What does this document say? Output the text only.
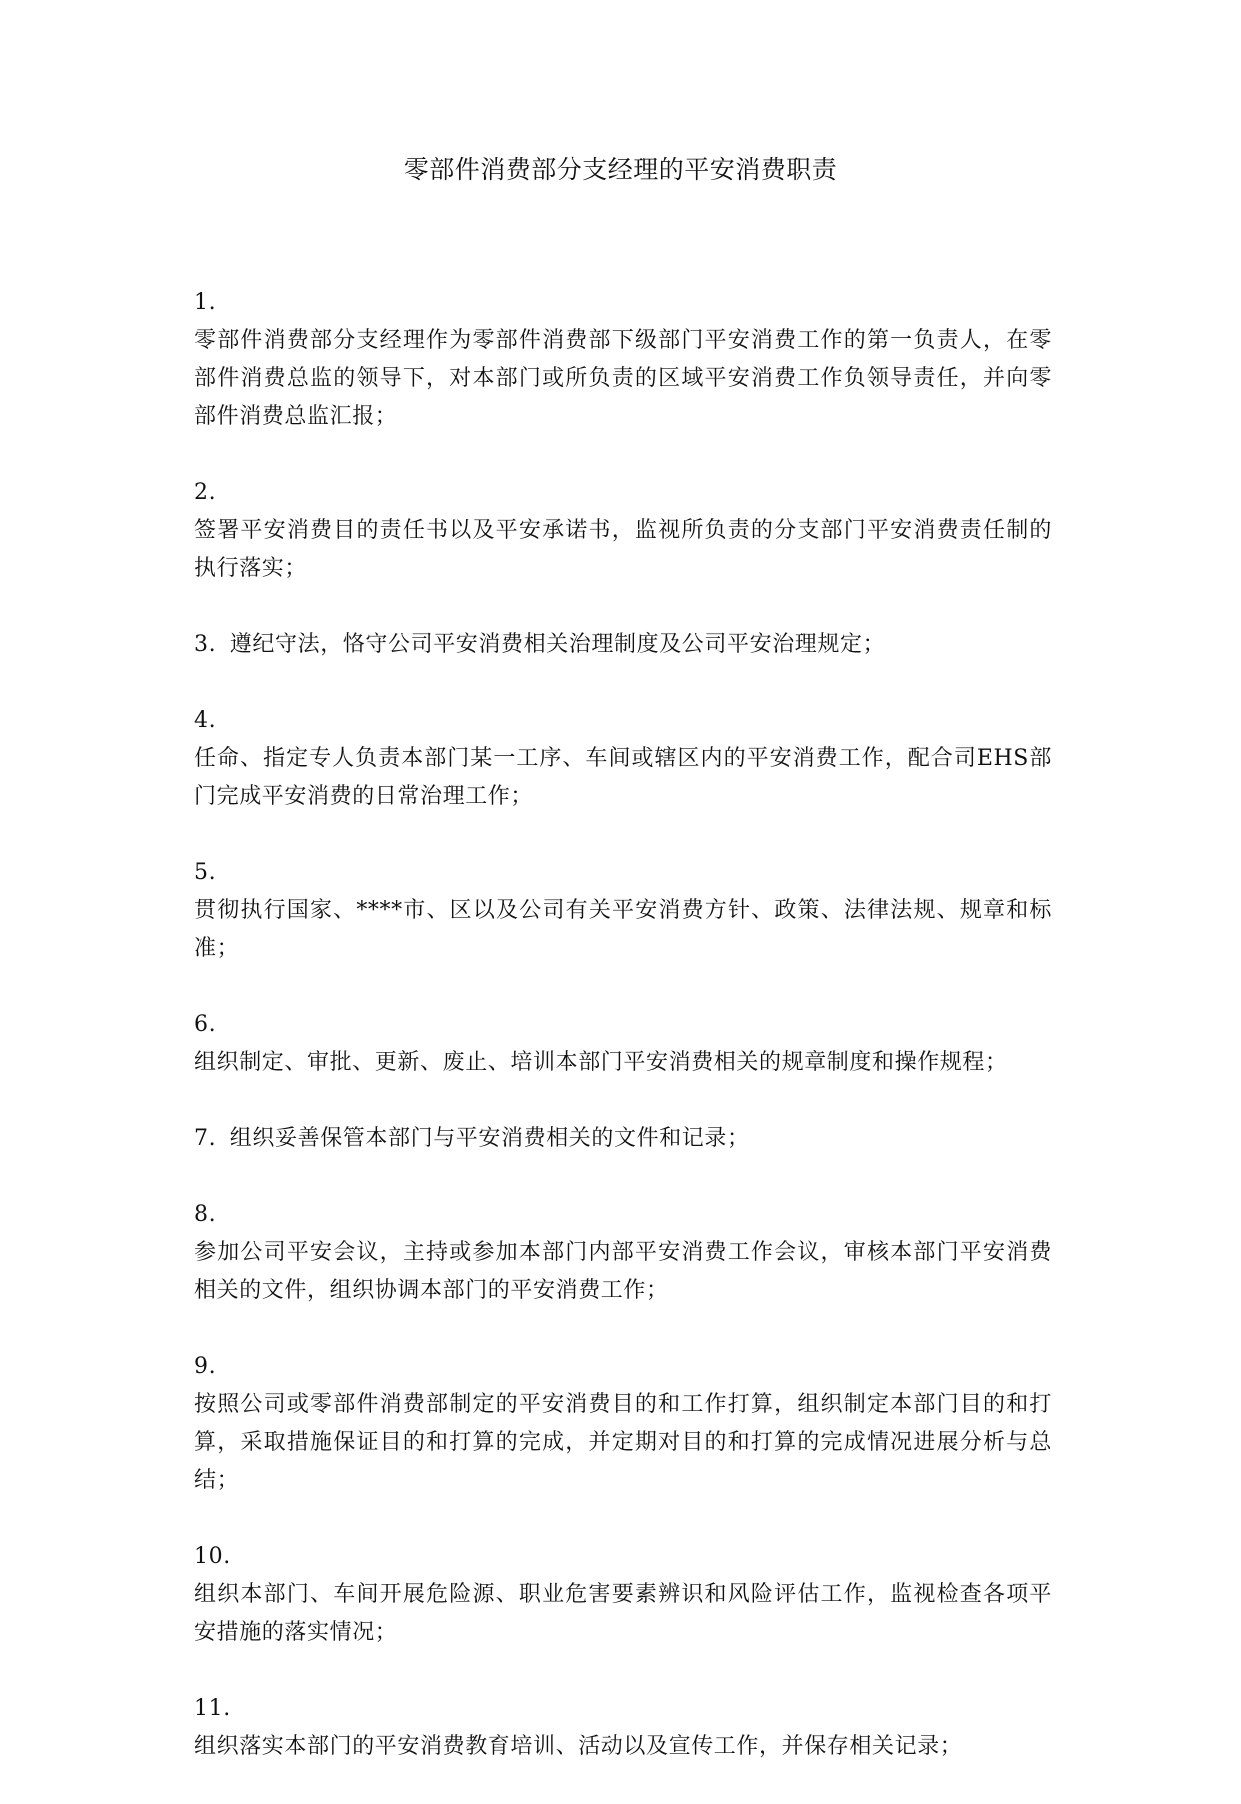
零部件消费部分支经理的平安消费职责
1.
零部件消费部分支经理作为零部件消费部下级部门平安消费工作的第一负责人，在零部件消费总监的领导下，对本部门或所负责的区域平安消费工作负领导责任，并向零部件消费总监汇报；
2.
签署平安消费目的责任书以及平安承诺书，监视所负责的分支部门平安消费责任制的执行落实；
3. 遵纪守法，恪守公司平安消费相关治理制度及公司平安治理规定；
4.
任命、指定专人负责本部门某一工序、车间或辖区内的平安消费工作，配合司EHS部门完成平安消费的日常治理工作；
5.
贯彻执行国家、****市、区以及公司有关平安消费方针、政策、法律法规、规章和标准；
6.
组织制定、审批、更新、废止、培训本部门平安消费相关的规章制度和操作规程；
7. 组织妥善保管本部门与平安消费相关的文件和记录；
8.
参加公司平安会议，主持或参加本部门内部平安消费工作会议，审核本部门平安消费相关的文件，组织协调本部门的平安消费工作；
9.
按照公司或零部件消费部制定的平安消费目的和工作打算，组织制定本部门目的和打算，采取措施保证目的和打算的完成，并定期对目的和打算的完成情况进展分析与总结；
10.
组织本部门、车间开展危险源、职业危害要素辨识和风险评估工作，监视检查各项平安措施的落实情况；
11.
组织落实本部门的平安消费教育培训、活动以及宣传工作，并保存相关记录；
